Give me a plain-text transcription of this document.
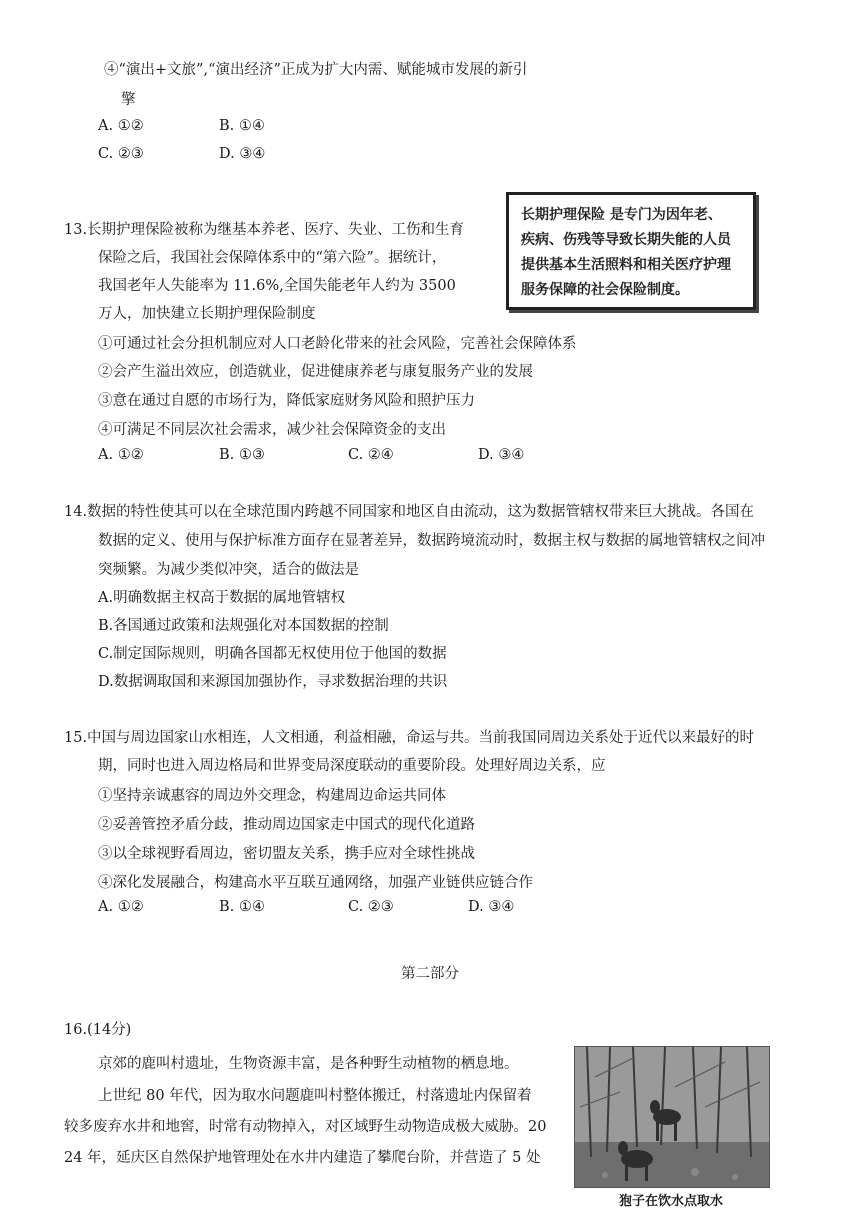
④“演出+文旅”,“演出经济”正成为扩大内需、赋能城市发展的新引
擎
A. ①②	B. ①④
C. ②③	D. ③④
13.长期护理保险被称为继基本养老、医疗、失业、工伤和生育
保险之后，我国社会保障体系中的“第六险”。据统计，
我国老年人失能率为 11.6%,全国失能老年人约为 3500
万人，加快建立长期护理保险制度
长期护理保险 是专门为因年老、
疾病、伤残等导致长期失能的人员
提供基本生活照料和相关医疗护理
服务保障的社会保险制度。
①可通过社会分担机制应对人口老龄化带来的社会风险，完善社会保障体系
②会产生溢出效应，创造就业，促进健康养老与康复服务产业的发展
③意在通过自愿的市场行为，降低家庭财务风险和照护压力
④可满足不同层次社会需求，减少社会保障资金的支出
A. ①②	B. ①③	C. ②④	D. ③④
14.数据的特性使其可以在全球范围内跨越不同国家和地区自由流动，这为数据管辖权带来巨大挑战。各国在
数据的定义、使用与保护标准方面存在显著差异，数据跨境流动时，数据主权与数据的属地管辖权之间冲
突频繁。为减少类似冲突，适合的做法是
A.明确数据主权高于数据的属地管辖权
B.各国通过政策和法规强化对本国数据的控制
C.制定国际规则，明确各国都无权使用位于他国的数据
D.数据调取国和来源国加强协作，寻求数据治理的共识
15.中国与周边国家山水相连，人文相通，利益相融，命运与共。当前我国同周边关系处于近代以来最好的时
期，同时也进入周边格局和世界变局深度联动的重要阶段。处理好周边关系，应
①坚持亲诚惠容的周边外交理念，构建周边命运共同体
②妥善管控矛盾分歧，推动周边国家走中国式的现代化道路
③以全球视野看周边，密切盟友关系，携手应对全球性挑战
④深化发展融合，构建高水平互联互通网络，加强产业链供应链合作
A. ①②	B. ①④	C. ②③	D. ③④
第二部分
16.(14分)
京郊的鹿叫村遗址，生物资源丰富，是各种野生动植物的栖息地。
上世纪 80 年代，因为取水问题鹿叫村整体搬迁，村落遗址内保留着
较多废弃水井和地窖，时常有动物掉入，对区域野生动物造成极大威胁。20
24 年，延庆区自然保护地管理处在水井内建造了攀爬台阶，并营造了 5 处
狍子在饮水点取水
